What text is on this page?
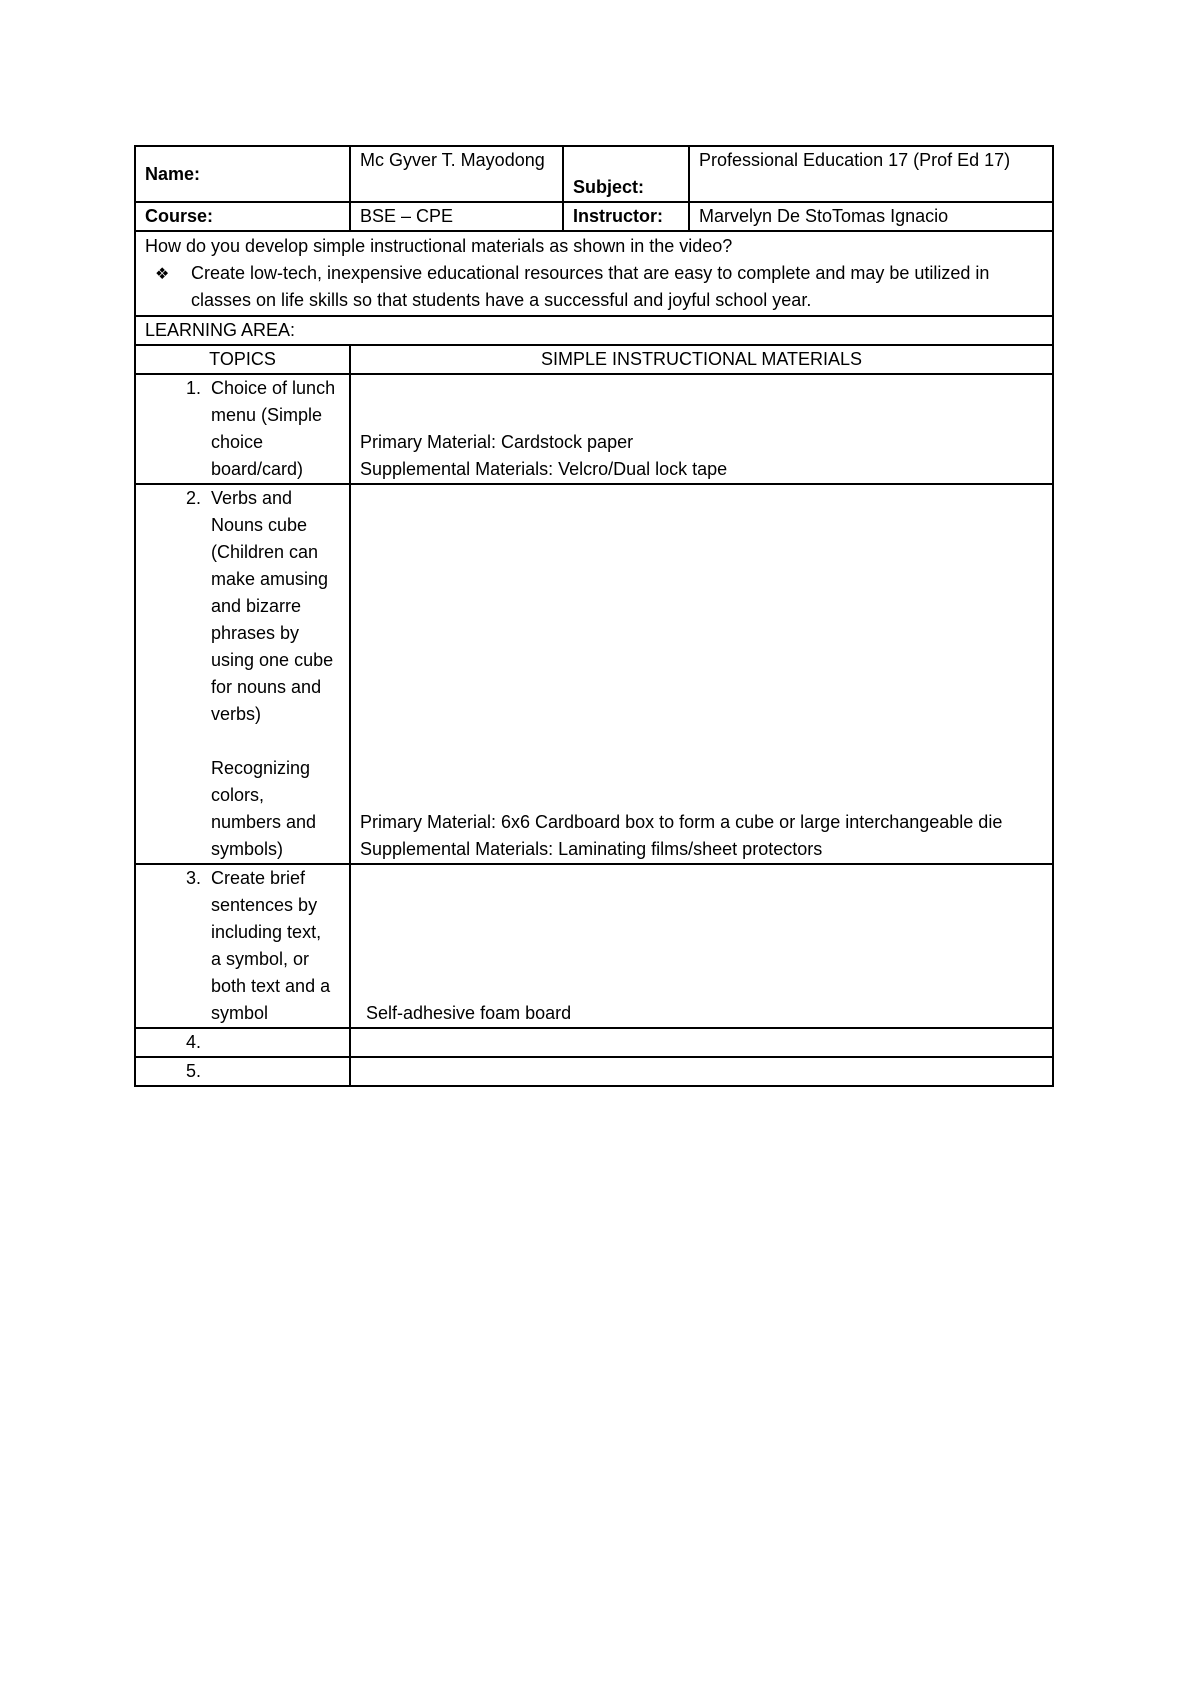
Name:	Mc Gyver T. Mayodong	Subject:	Professional Education 17 (Prof Ed 17)
Course:	BSE – CPE	Instructor:	Marvelyn De StoTomas Ignacio

How do you develop simple instructional materials as shown in the video?
❖ Create low-tech, inexpensive educational resources that are easy to complete and may be utilized in classes on life skills so that students have a successful and joyful school year.			

LEARNING AREA:			
TOPICS	SIMPLE INSTRUCTIONAL MATERIALS		
1. Choice of lunch menu (Simple choice board/card)	Primary Material: Cardstock paper
Supplemental Materials: Velcro/Dual lock tape		

2. Verbs and Nouns cube (Children can make amusing and bizarre phrases by using one cube for nouns and verbs)
Recognizing colors, numbers and symbols)	Primary Material: 6x6 Cardboard box to form a cube or large interchangeable die
Supplemental Materials: Laminating films/sheet protectors		

3. Create brief sentences by including text, a symbol, or both text and a symbol	Self-adhesive foam board		

4.			
5.			
